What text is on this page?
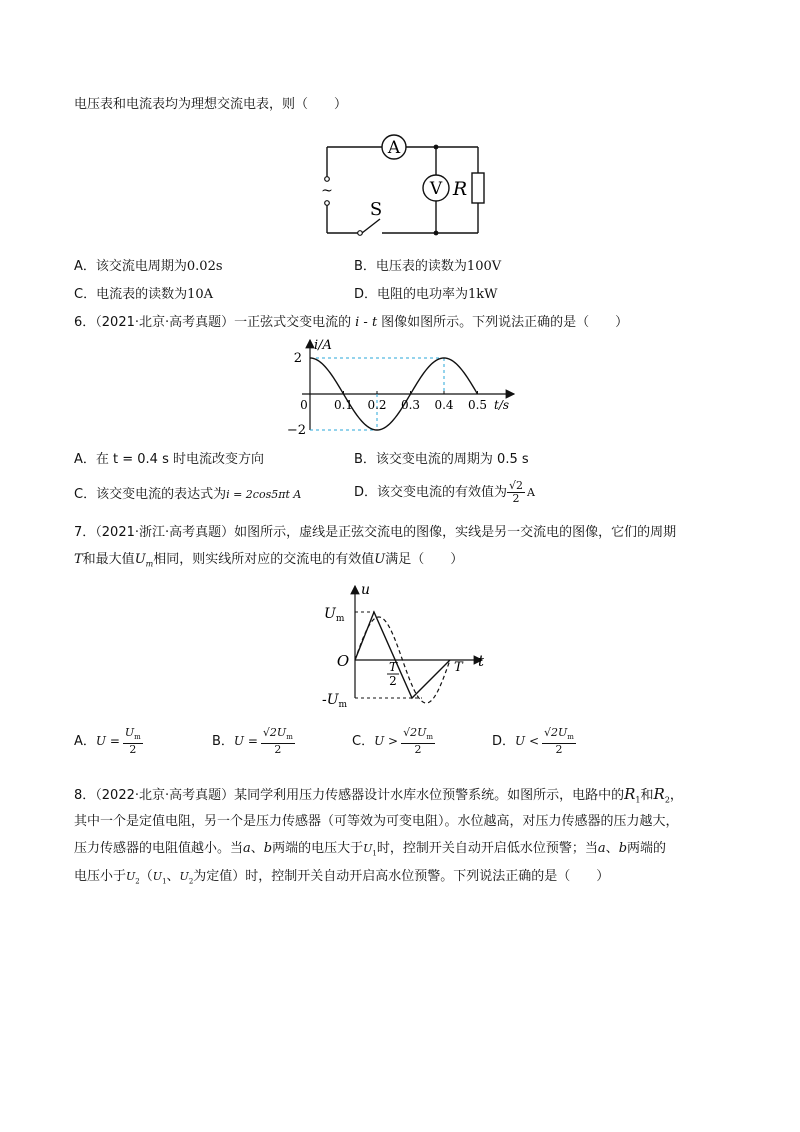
电压表和电流表均为理想交流电表，则（　　）
A
V R
S
~
A．该交流电周期为0.02s	B．电压表的读数为100V
C．电流表的读数为10A	D．电阻的电功率为1kW
6．（2021·北京·高考真题）一正弦式交变电流的 i - t 图像如图所示。下列说法正确的是（　　）
i/A
2
−2
0 0.1 0.2 0.3 0.4 0.5 t/s
A．在 t = 0.4 s 时电流改变方向	B．该交变电流的周期为 0.5 s
C．该交变电流的表达式为i = 2cos5πt A	D．该交变电流的有效值为 $\frac{√2}{2}$ A
7．（2021·浙江·高考真题）如图所示，虚线是正弦交流电的图像，实线是另一交流电的图像，它们的周期
T和最大值$U_m$相同，则实线所对应的交流电的有效值U满足（　　）
u
t
O
$U_m$
$-U_m$
T
2
T
A．$U = \frac{U_m}{2}$	B．$U = \frac{√2U_m}{2}$	C．$U > \frac{√2U_m}{2}$	D．$U < \frac{√2U_m}{2}$
8．（2022·北京·高考真题）某同学利用压力传感器设计水库水位预警系统。如图所示，电路中的$R_1$和$R_2$，
其中一个是定值电阻，另一个是压力传感器（可等效为可变电阻）。水位越高，对压力传感器的压力越大，
压力传感器的电阻值越小。当a、b两端的电压大于$U_1$时，控制开关自动开启低水位预警；当a、b两端的
电压小于$U_2(U_1$、$U_2$为定值）时，控制开关自动开启高水位预警。下列说法正确的是（　　）
